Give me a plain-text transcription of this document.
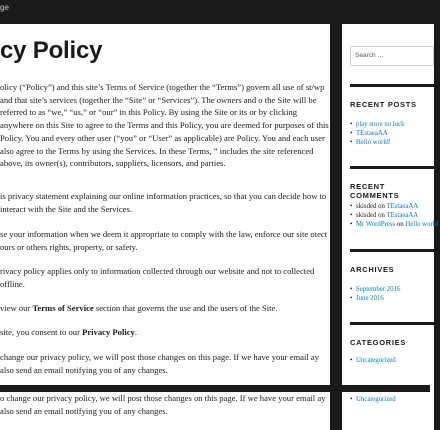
ge
cy Policy

olicy (“Policy”) and this site’s Terms of Service (together the “Terms”) govern all use of st/wp and that site’s services (together the “Site” or “Services”). The owners and o the Site will be referred to as “we,” “us,” or “our” in this Policy. By using the Site or its or by clicking anywhere on this Site to agree to the Terms and this Policy, you are deemed for purposes of this Policy. You and every other user (“you” or “User” as applicable) are Policy. You and each user also agree to the Terms by using the Services. In these Terms, ” includes the site referenced above, its owner(s), contributors, suppliers, licensors, and parties.

is privacy statement explaining our online information practices, so that you can decide how to interact with the Site and the Services.

se your information when we deem it appropriate to comply with the law, enforce our site otect ours or others rights, property, or safety.

rivacy policy applies only to information collected through our website and not to collected offline.

view our Terms of Service section that governs the use and the users of the Site.

site, you consent to our Privacy Policy.

change our privacy policy, we will post those changes on this page. If we have your email ay also send an email notifying you of any changes.

Search …
RECENT POSTS
• play store no luck
• TEstaeaAA
• Hello world!
RECENT COMMENTS
• skisded on TEstaeaAA
• skisded on TEstaeaAA
• Mr WordPress on Hello world
ARCHIVES
• September 2016
• June 2016
CATEGORIES
• Uncategorized

o change our privacy policy, we will post those changes on this page. If we have your email ay also send an email notifying you of any changes.

• Uncategorized
